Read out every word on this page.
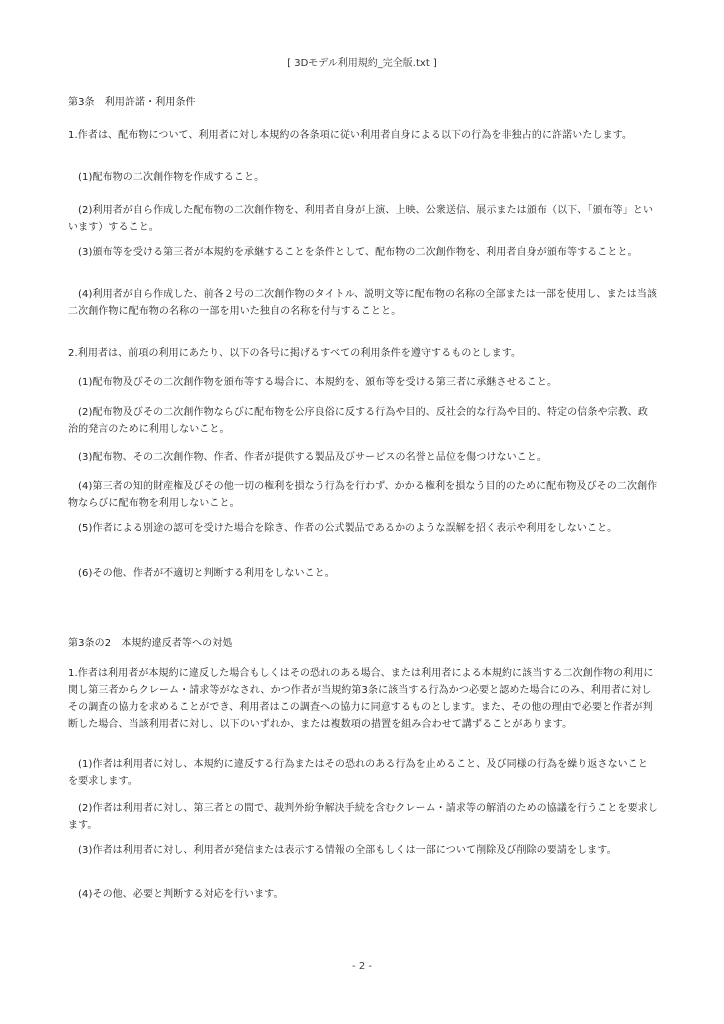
[ 3Dモデル利用規約_完全版.txt ]

第3条　利用許諾・利用条件

1.作者は、配布物について、利用者に対し本規約の各条項に従い利用者自身による以下の行為を非独占的に許諾いたします。

(1)配布物の二次創作物を作成すること。

(2)利用者が自ら作成した配布物の二次創作物を、利用者自身が上演、上映、公衆送信、展示または頒布（以下、「頒布等」といいます）すること。

(3)頒布等を受ける第三者が本規約を承継することを条件として、配布物の二次創作物を、利用者自身が頒布等することと。

(4)利用者が自ら作成した、前各２号の二次創作物のタイトル、説明文等に配布物の名称の全部または一部を使用し、または当該二次創作物に配布物の名称の一部を用いた独自の名称を付与することと。

2.利用者は、前項の利用にあたり、以下の各号に掲げるすべての利用条件を遵守するものとします。

(1)配布物及びその二次創作物を頒布等する場合に、本規約を、頒布等を受ける第三者に承継させること。

(2)配布物及びその二次創作物ならびに配布物を公序良俗に反する行為や目的、反社会的な行為や目的、特定の信条や宗教、政治的発言のために利用しないこと。

(3)配布物、その二次創作物、作者、作者が提供する製品及びサービスの名誉と品位を傷つけないこと。

(4)第三者の知的財産権及びその他一切の権利を損なう行為を行わず、かかる権利を損なう目的のために配布物及びその二次創作物ならびに配布物を利用しないこと。

(5)作者による別途の認可を受けた場合を除き、作者の公式製品であるかのような誤解を招く表示や利用をしないこと。

(6)その他、作者が不適切と判断する利用をしないこと。

第3条の2　本規約違反者等への対処

1.作者は利用者が本規約に違反した場合もしくはその恐れのある場合、または利用者による本規約に該当する二次創作物の利用に関し第三者からクレーム・請求等がなされ、かつ作者が当規約第3条に該当する行為かつ必要と認めた場合にのみ、利用者に対しその調査の協力を求めることができ、利用者はこの調査への協力に同意するものとします。また、その他の理由で必要と作者が判断した場合、当該利用者に対し、以下のいずれか、または複数項の措置を組み合わせて講ずることがあります。

(1)作者は利用者に対し、本規約に違反する行為またはその恐れのある行為を止めること、及び同様の行為を繰り返さないことを要求します。

(2)作者は利用者に対し、第三者との間で、裁判外紛争解決手続を含むクレーム・請求等の解消のための協議を行うことを要求します。

(3)作者は利用者に対し、利用者が発信または表示する情報の全部もしくは一部について削除及び削除の要請をします。

(4)その他、必要と判断する対応を行います。

- 2 -
